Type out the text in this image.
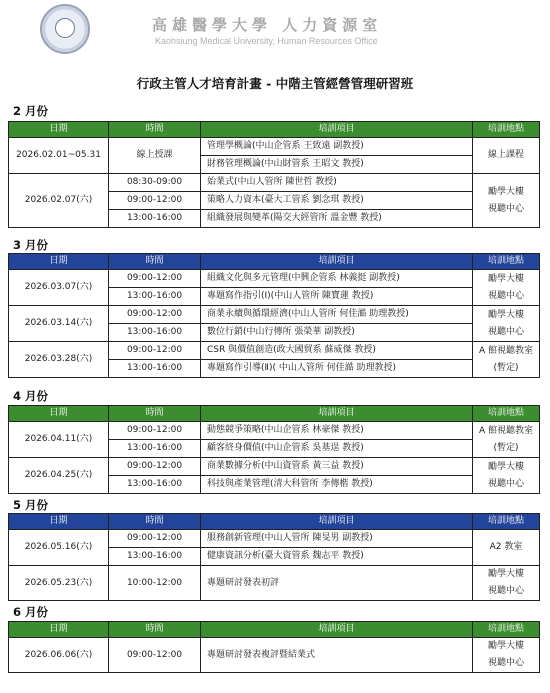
高雄醫學大學 人力資源室
Kaohsiung Medical University, Human Resources Office
行政主管人才培育計畫 - 中階主管經營管理研習班
2 月份
日期	時間	培訓項目	培訓地點
2026.02.01~05.31	線上授課	管理學概論(中山企管系 王致遠 副教授)	線上課程

		財務管理概論(中山財管系 王昭文 教授)	
2026.02.07(六)	08:30-09:00	始業式(中山人管所 陳世哲 教授)	勵學大樓
視聽中心

	09:00-12:00	策略人力資本(臺大工管系 劉念琪 教授)	
	13:00-16:00	組織發展與變革(陽交大經管所 溫金豐 教授)	
3 月份
日期	時間	培訓項目	培訓地點
2026.03.07(六)	09:00-12:00	組織文化與多元管理(中興企管系 林義挺 副教授)	勵學大樓
視聽中心

	13:00-16:00	專題寫作指引(Ⅰ)(中山人管所 陳寶蓮 教授)	
2026.03.14(六)	09:00-12:00	商業永續與循環經濟(中山人管所 何佳澔 助理教授)	勵學大樓
視聽中心

	13:00-16:00	數位行銷(中山行傳所 張榮華 副教授)	
2026.03.28(六)	09:00-12:00	CSR 與價值創造(政大國貿系 蘇威傑 教授)	A 館視聽教室
(暫定)

	13:00-16:00	專題寫作引導(Ⅱ)( 中山人管所 何佳澔 助理教授)	
4 月份
日期	時間	培訓項目	培訓地點
2026.04.11(六)	09:00-12:00	動態競爭策略(中山企管系 林豪傑 教授)	A 館視聽教室
(暫定)

	13:00-16:00	顧客終身價值(中山企管系 吳基逞 教授)	
2026.04.25(六)	09:00-12:00	商業數據分析(中山資管系 黃三益 教授)	勵學大樓
視聽中心

	13:00-16:00	科技與產業管理(清大科管所 李傳楷 教授)	
5 月份
日期	時間	培訓項目	培訓地點
2026.05.16(六)	09:00-12:00	服務創新管理(中山人管所 陳旻男 副教授)	A2 教室

	13:00-16:00	健康資訊分析(臺大資管系 魏志平 教授)	
2026.05.23(六)	10:00-12:00	專題研討發表初評	勵學大樓
視聽中心
6 月份
日期	時間	培訓項目	培訓地點
2026.06.06(六)	09:00-12:00	專題研討發表複評暨結業式	勵學大樓
視聽中心
